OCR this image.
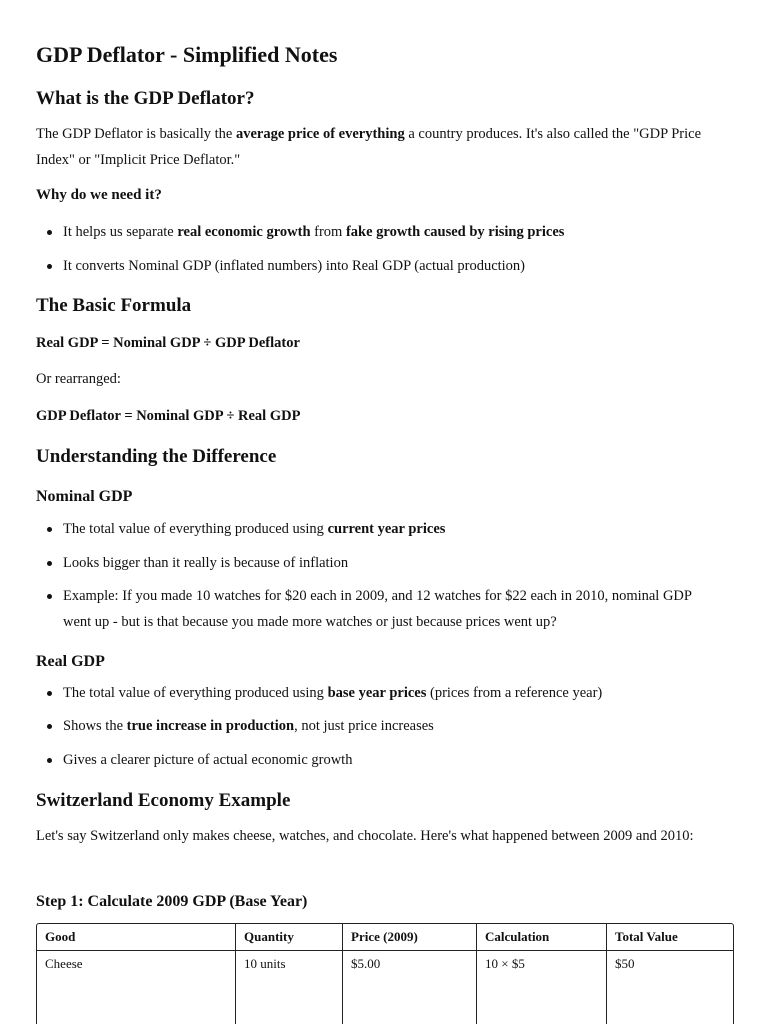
GDP Deflator - Simplified Notes
What is the GDP Deflator?

The GDP Deflator is basically the average price of everything a country produces. It's also called the "GDP Price Index" or "Implicit Price Deflator."

Why do we need it?
It helps us separate real economic growth from fake growth caused by rising prices
It converts Nominal GDP (inflated numbers) into Real GDP (actual production)
The Basic Formula

Real GDP = Nominal GDP ÷ GDP Deflator

Or rearranged:

GDP Deflator = Nominal GDP ÷ Real GDP

Understanding the Difference
Nominal GDP
The total value of everything produced using current year prices
Looks bigger than it really is because of inflation
Example: If you made 10 watches for $20 each in 2009, and 12 watches for $22 each in 2010, nominal GDP went up - but is that because you made more watches or just because prices went up?
Real GDP
The total value of everything produced using base year prices (prices from a reference year)
Shows the true increase in production, not just price increases
Gives a clearer picture of actual economic growth
Switzerland Economy Example

Let's say Switzerland only makes cheese, watches, and chocolate. Here's what happened between 2009 and 2010:

Step 1: Calculate 2009 GDP (Base Year)
Good	Quantity	Price (2009)	Calculation	Total Value
Cheese	10 units	$5.00	10 × $5	$50
